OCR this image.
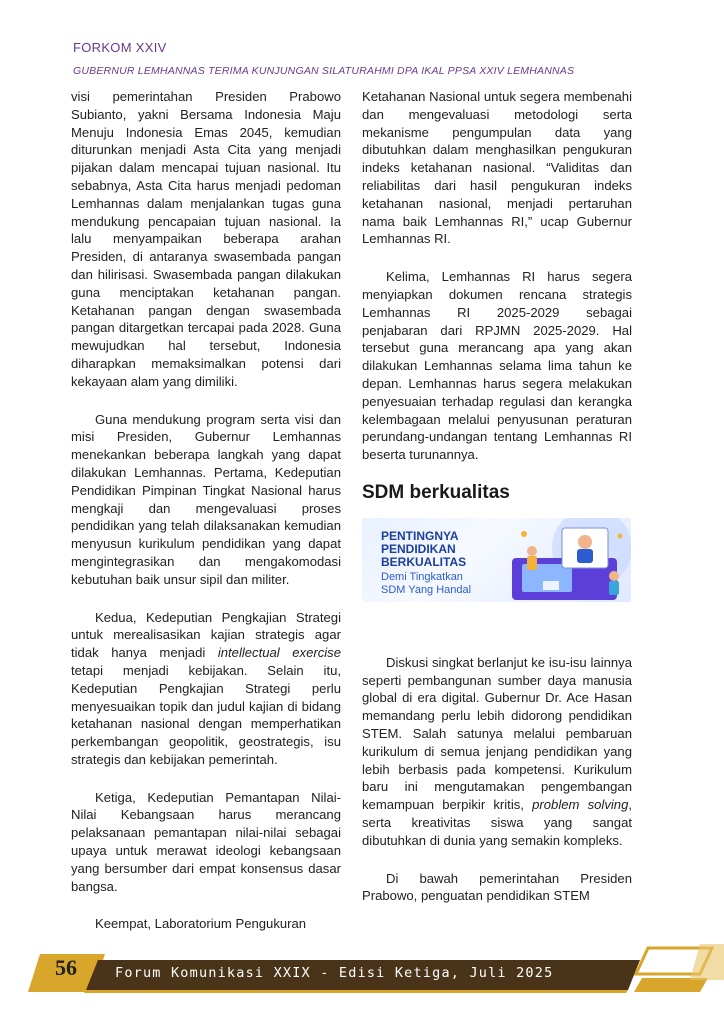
FORKOM XXIV
GUBERNUR LEMHANNAS TERIMA KUNJUNGAN SILATURAHMI DPA IKAL PPSA XXIV LEMHANNAS

visi pemerintahan Presiden Prabowo Subianto, yakni Bersama Indonesia Maju Menuju Indonesia Emas 2045, kemudian diturunkan menjadi Asta Cita yang menjadi pijakan dalam mencapai tujuan nasional. Itu sebabnya, Asta Cita harus menjadi pedoman Lemhannas dalam menjalankan tugas guna mendukung pencapaian tujuan nasional. Ia lalu menyampaikan beberapa arahan Presiden, di antaranya swasembada pangan dan hilirisasi. Swasembada pangan dilakukan guna menciptakan ketahanan pangan. Ketahanan pangan dengan swasembada pangan ditargetkan tercapai pada 2028. Guna mewujudkan hal tersebut, Indonesia diharapkan memaksimalkan potensi dari kekayaan alam yang dimiliki.

Guna mendukung program serta visi dan misi Presiden, Gubernur Lemhannas menekankan beberapa langkah yang dapat dilakukan Lemhannas. Pertama, Kedeputian Pendidikan Pimpinan Tingkat Nasional harus mengkaji dan mengevaluasi proses pendidikan yang telah dilaksanakan kemudian menyusun kurikulum pendidikan yang dapat mengintegrasikan dan mengakomodasi kebutuhan baik unsur sipil dan militer.

Kedua, Kedeputian Pengkajian Strategi untuk merealisasikan kajian strategis agar tidak hanya menjadi intellectual exercise tetapi menjadi kebijakan. Selain itu, Kedeputian Pengkajian Strategi perlu menyesuaikan topik dan judul kajian di bidang ketahanan nasional dengan memperhatikan perkembangan geopolitik, geostrategis, isu strategis dan kebijakan pemerintah.

Ketiga, Kedeputian Pemantapan Nilai-Nilai Kebangsaan harus merancang pelaksanaan pemantapan nilai-nilai sebagai upaya untuk merawat ideologi kebangsaan yang bersumber dari empat konsensus dasar bangsa.

Keempat, Laboratorium Pengukuran

Ketahanan Nasional untuk segera membenahi dan mengevaluasi metodologi serta mekanisme pengumpulan data yang dibutuhkan dalam menghasilkan pengukuran indeks ketahanan nasional. “Validitas dan reliabilitas dari hasil pengukuran indeks ketahanan nasional, menjadi pertaruhan nama baik Lemhannas RI,” ucap Gubernur Lemhannas RI.

Kelima, Lemhannas RI harus segera menyiapkan dokumen rencana strategis Lemhannas RI 2025-2029 sebagai penjabaran dari RPJMN 2025-2029. Hal tersebut guna merancang apa yang akan dilakukan Lemhannas selama lima tahun ke depan. Lemhannas harus segera melakukan penyesuaian terhadap regulasi dan kerangka kelembagaan melalui penyusunan peraturan perundang-undangan tentang Lemhannas RI beserta turunannya.

SDM berkualitas

PENTINGNYA
PENDIDIKAN
BERKUALITAS
Demi Tingkatkan
SDM Yang Handal

Diskusi singkat berlanjut ke isu-isu lainnya seperti pembangunan sumber daya manusia global di era digital. Gubernur Dr. Ace Hasan memandang perlu lebih didorong pendidikan STEM. Salah satunya melalui pembaruan kurikulum di semua jenjang pendidikan yang lebih berbasis pada kompetensi. Kurikulum baru ini mengutamakan pengembangan kemampuan berpikir kritis, problem solving, serta kreativitas siswa yang sangat dibutuhkan di dunia yang semakin kompleks.

Di bawah pemerintahan Presiden Prabowo, penguatan pendidikan STEM

56	Forum Komunikasi XXIX - Edisi Ketiga, Juli 2025
